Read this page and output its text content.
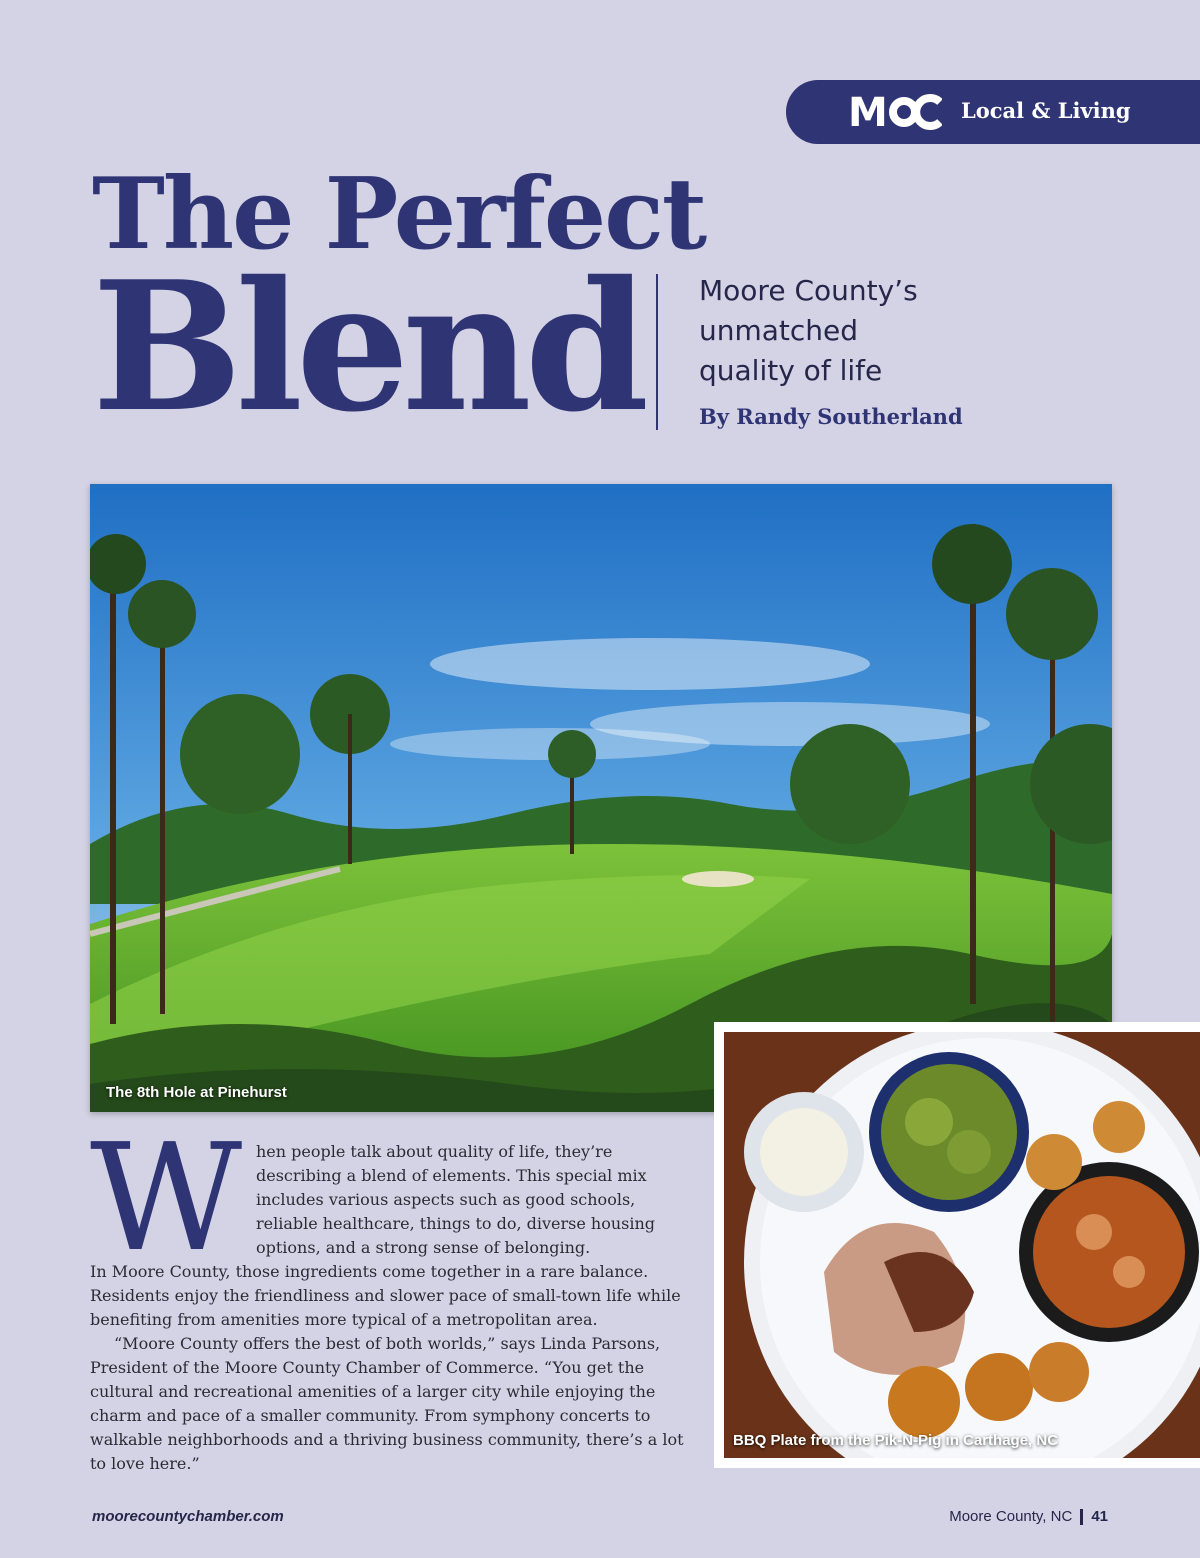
M	Local & Living
The Perfect
Blend Moore County’s
unmatched
quality of life
By Randy Southerland
The 8th Hole at Pinehurst
BBQ Plate from the Pik-N-Pig in Carthage, NC
W hen people talk about quality of life, they’re
describing a blend of elements. This special mix
includes various aspects such as good schools,
reliable healthcare, things to do, diverse housing
options, and a strong sense of belonging.

In Moore County, those ingredients come together in a rare balance. Residents enjoy the friendliness and slower pace of small-town life while benefiting from amenities more typical of a metropolitan area.

“Moore County offers the best of both worlds,” says Linda Parsons, President of the Moore County Chamber of Commerce. “You get the cultural and recreational amenities of a larger city while enjoying the charm and pace of a smaller community. From symphony concerts to walkable neighborhoods and a thriving business community, there’s a lot to love here.”

moorecountychamber.com	Moore County, NC 41
